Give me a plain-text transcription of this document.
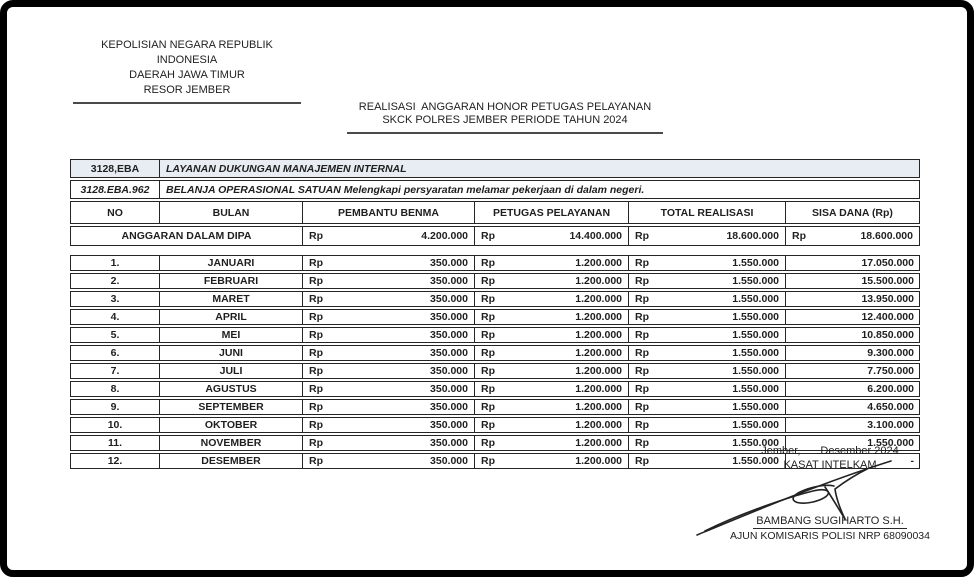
KEPOLISIAN NEGARA REPUBLIK INDONESIA
DAERAH JAWA TIMUR
RESOR JEMBER
REALISASI  ANGGARAN HONOR PETUGAS PELAYANAN
SKCK POLRES JEMBER PERIODE TAHUN 2024
3128,EBA	LAYANAN DUKUNGAN MANAJEMEN INTERNAL				
3128.EBA.962	BELANJA OPERASIONAL SATUAN Melengkapi persyaratan melamar pekerjaan di dalam negeri.				
NO	BULAN	PEMBANTU BENMA	PETUGAS PELAYANAN	TOTAL REALISASI	SISA DANA (Rp)
ANGGARAN DALAM DIPA		Rp 4.200.000	Rp 14.400.000	Rp 18.600.000	Rp 18.600.000

1.	JANUARI	Rp 350.000	Rp 1.200.000	Rp 1.550.000	17.050.000
2.	FEBRUARI	Rp 350.000	Rp 1.200.000	Rp 1.550.000	15.500.000
3.	MARET	Rp 350.000	Rp 1.200.000	Rp 1.550.000	13.950.000
4.	APRIL	Rp 350.000	Rp 1.200.000	Rp 1.550.000	12.400.000
5.	MEI	Rp 350.000	Rp 1.200.000	Rp 1.550.000	10.850.000
6.	JUNI	Rp 350.000	Rp 1.200.000	Rp 1.550.000	9.300.000
7.	JULI	Rp 350.000	Rp 1.200.000	Rp 1.550.000	7.750.000
8.	AGUSTUS	Rp 350.000	Rp 1.200.000	Rp 1.550.000	6.200.000
9.	SEPTEMBER	Rp 350.000	Rp 1.200.000	Rp 1.550.000	4.650.000
10.	OKTOBER	Rp 350.000	Rp 1.200.000	Rp 1.550.000	3.100.000
11.	NOVEMBER	Rp 350.000	Rp 1.200.000	Rp 1.550.000	1.550.000
12.	DESEMBER	Rp 350.000	Rp 1.200.000	Rp 1.550.000	-
Jember, Desember 2024
KASAT INTELKAM
BAMBANG SUGIHARTO S.H.
AJUN KOMISARIS POLISI NRP 68090034
